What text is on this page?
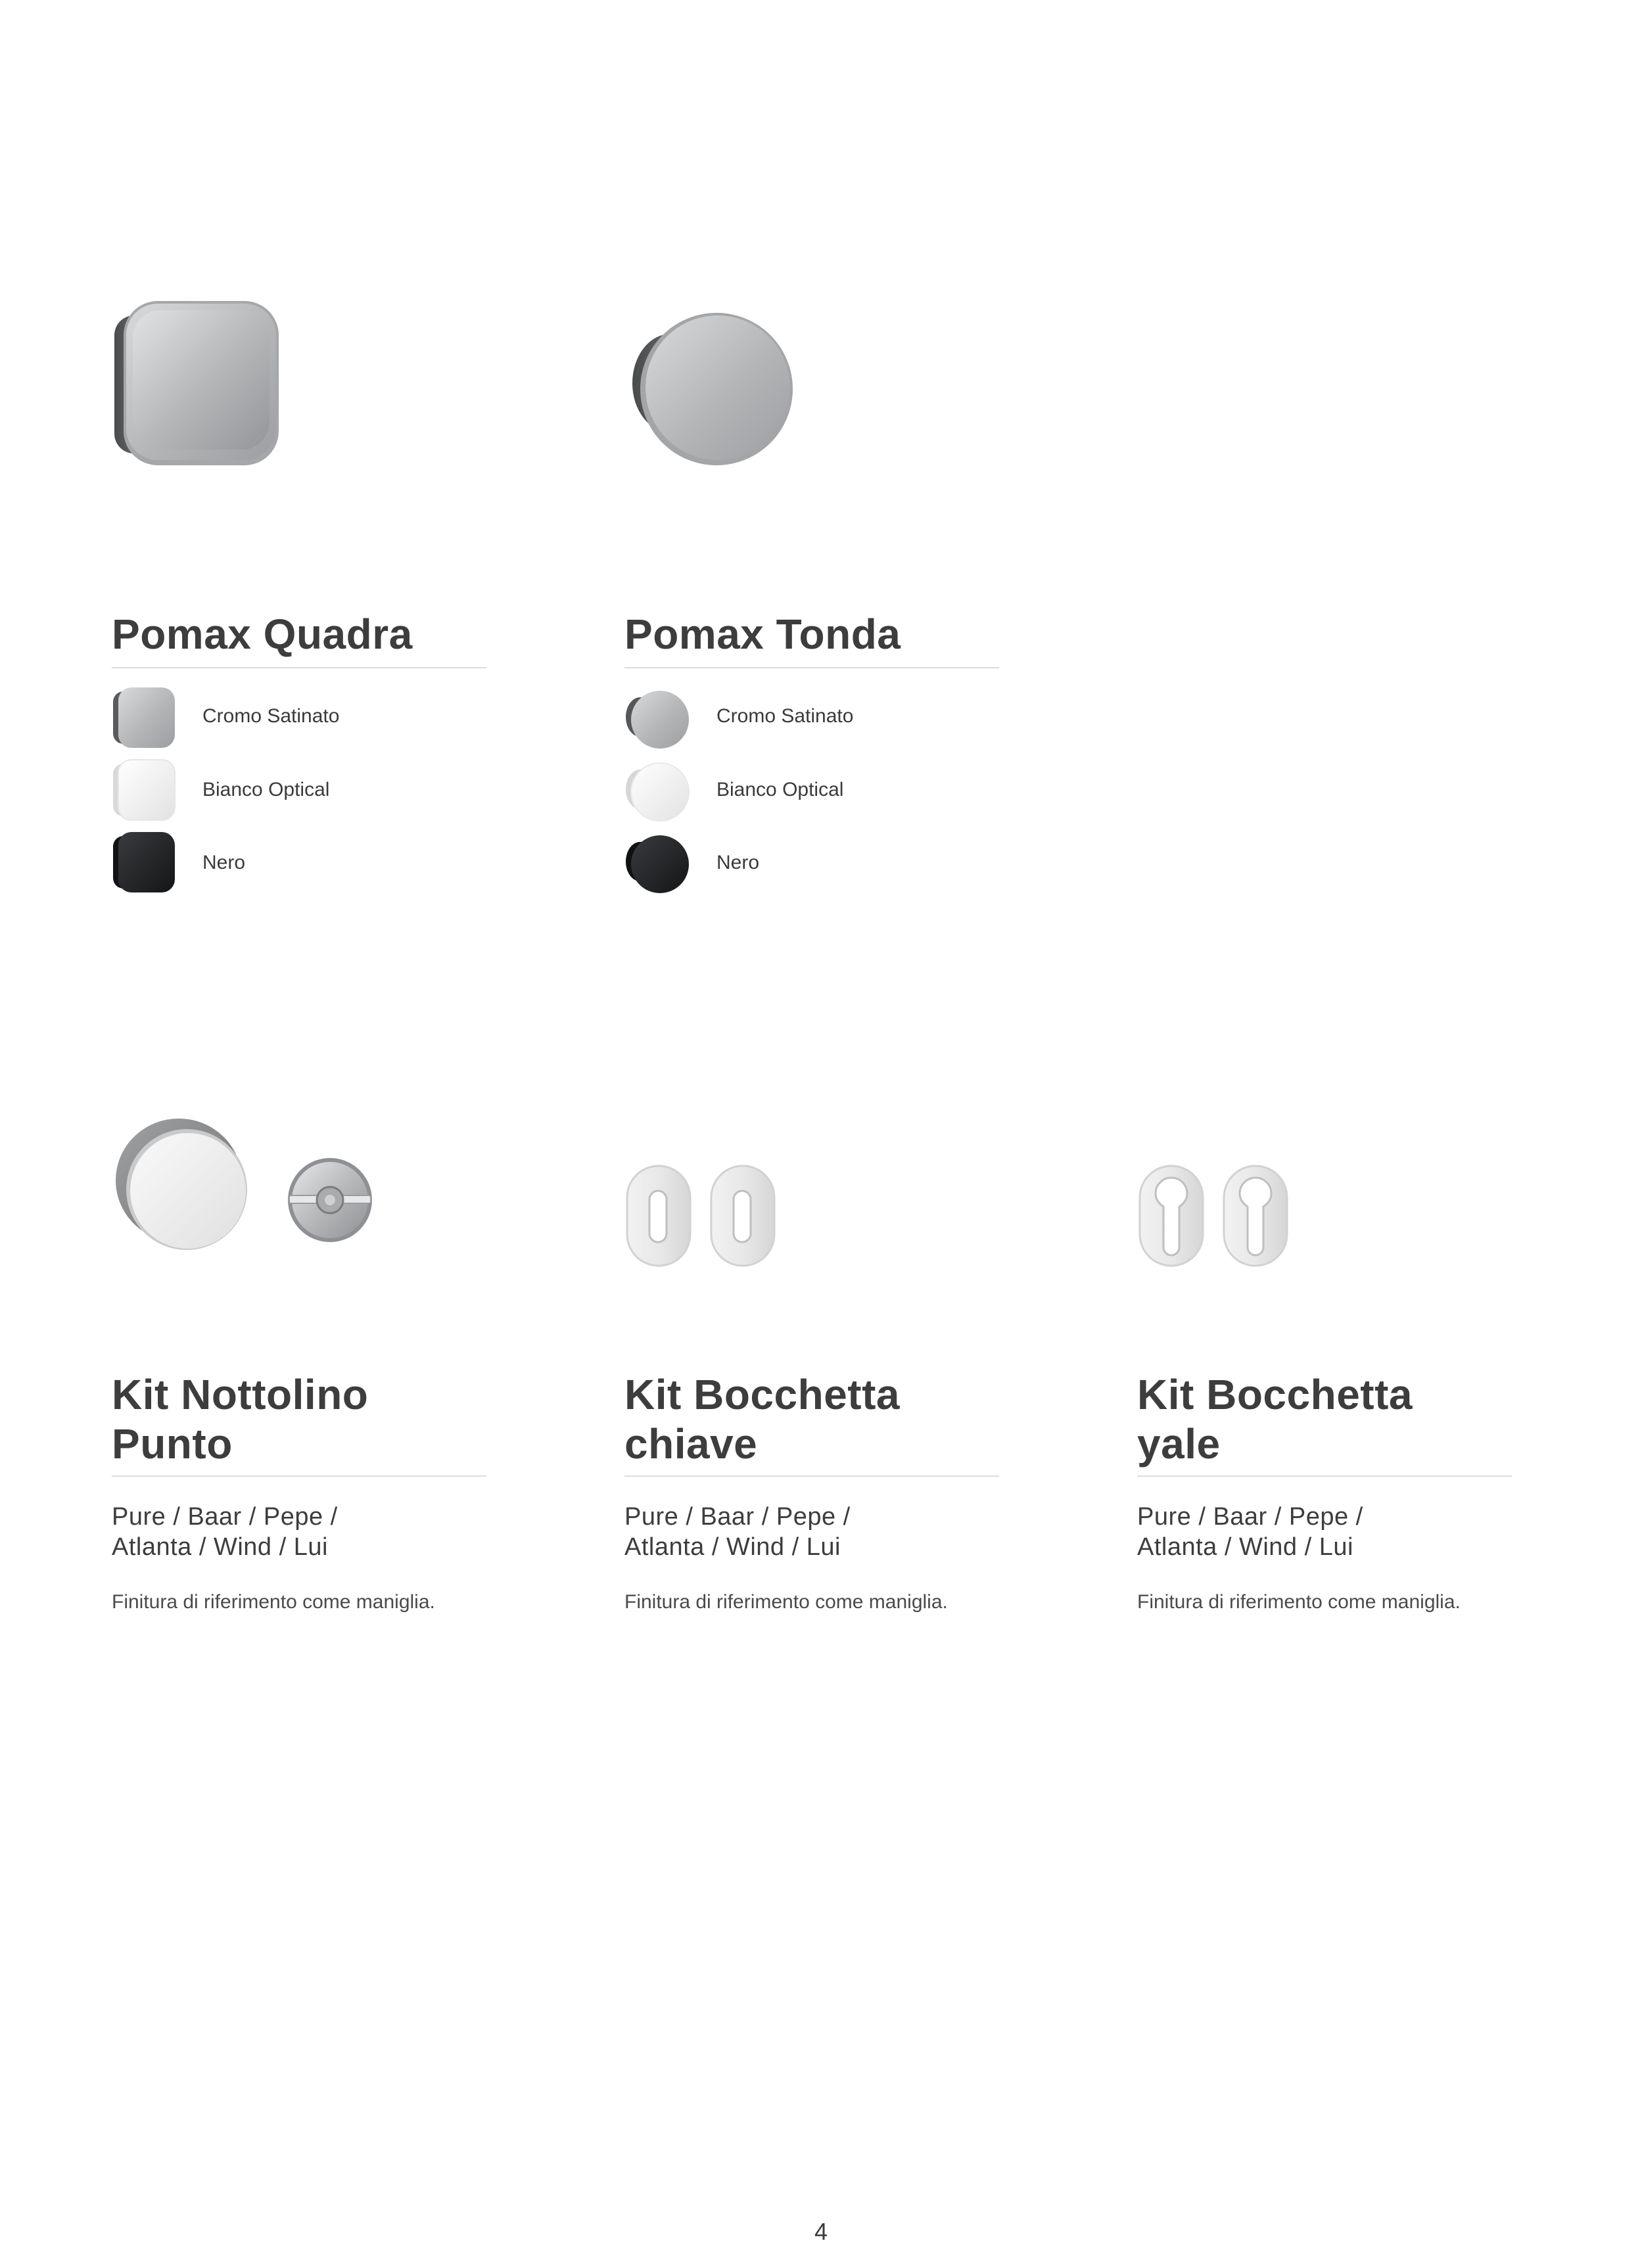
Pomax Quadra
Cromo Satinato
Bianco Optical
Nero
Pomax Tonda
Cromo Satinato
Bianco Optical
Nero
Kit Nottolino
Punto
Pure / Baar / Pepe /
Atlanta / Wind / Lui
Finitura di riferimento come maniglia.
Kit Bocchetta
chiave
Pure / Baar / Pepe /
Atlanta / Wind / Lui
Finitura di riferimento come maniglia.
Kit Bocchetta
yale
Pure / Baar / Pepe /
Atlanta / Wind / Lui
Finitura di riferimento come maniglia.
4
